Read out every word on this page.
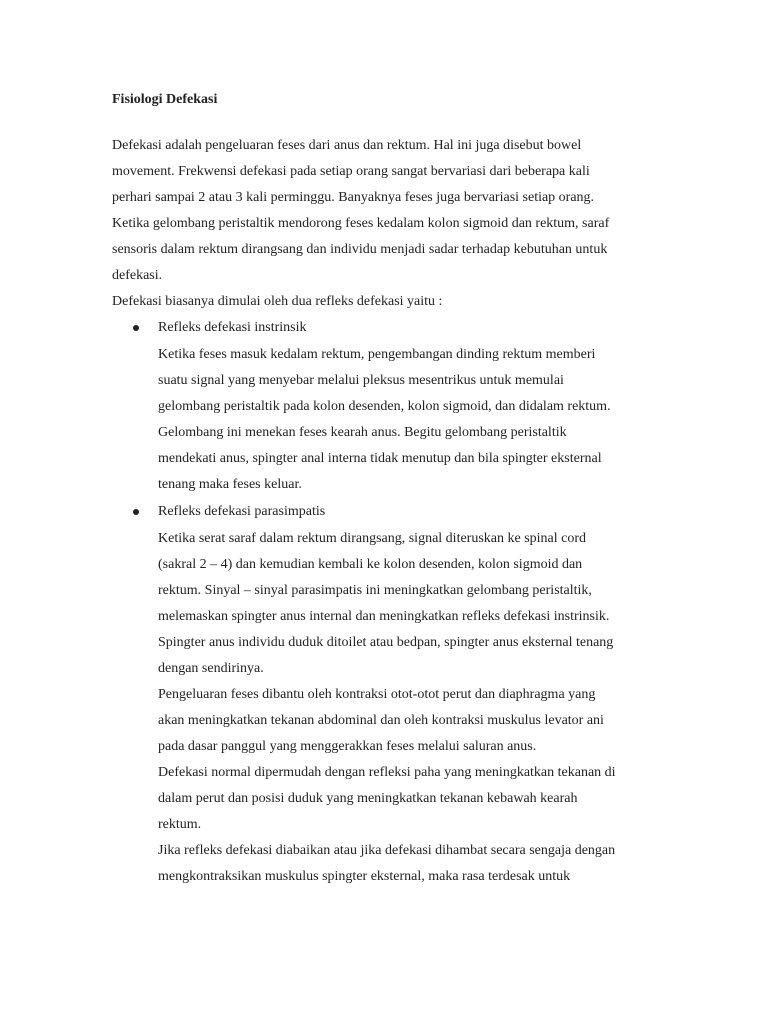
Fisiologi Defekasi
Defekasi adalah pengeluaran feses dari anus dan rektum. Hal ini juga disebut bowel
movement. Frekwensi defekasi pada setiap orang sangat bervariasi dari beberapa kali
perhari sampai 2 atau 3 kali perminggu. Banyaknya feses juga bervariasi setiap orang.
Ketika gelombang peristaltik mendorong feses kedalam kolon sigmoid dan rektum, saraf
sensoris dalam rektum dirangsang dan individu menjadi sadar terhadap kebutuhan untuk
defekasi.
Defekasi biasanya dimulai oleh dua refleks defekasi yaitu :
Refleks defekasi instrinsik
Ketika feses masuk kedalam rektum, pengembangan dinding rektum memberi
suatu signal yang menyebar melalui pleksus mesentrikus untuk memulai
gelombang peristaltik pada kolon desenden, kolon sigmoid, dan didalam rektum.
Gelombang ini menekan feses kearah anus. Begitu gelombang peristaltik
mendekati anus, spingter anal interna tidak menutup dan bila spingter eksternal
tenang maka feses keluar.
Refleks defekasi parasimpatis
Ketika serat saraf dalam rektum dirangsang, signal diteruskan ke spinal cord
(sakral 2 – 4) dan kemudian kembali ke kolon desenden, kolon sigmoid dan
rektum. Sinyal – sinyal parasimpatis ini meningkatkan gelombang peristaltik,
melemaskan spingter anus internal dan meningkatkan refleks defekasi instrinsik.
Spingter anus individu duduk ditoilet atau bedpan, spingter anus eksternal tenang
dengan sendirinya.
Pengeluaran feses dibantu oleh kontraksi otot-otot perut dan diaphragma yang
akan meningkatkan tekanan abdominal dan oleh kontraksi muskulus levator ani
pada dasar panggul yang menggerakkan feses melalui saluran anus.
Defekasi normal dipermudah dengan refleksi paha yang meningkatkan tekanan di
dalam perut dan posisi duduk yang meningkatkan tekanan kebawah kearah
rektum.
Jika refleks defekasi diabaikan atau jika defekasi dihambat secara sengaja dengan
mengkontraksikan muskulus spingter eksternal, maka rasa terdesak untuk
